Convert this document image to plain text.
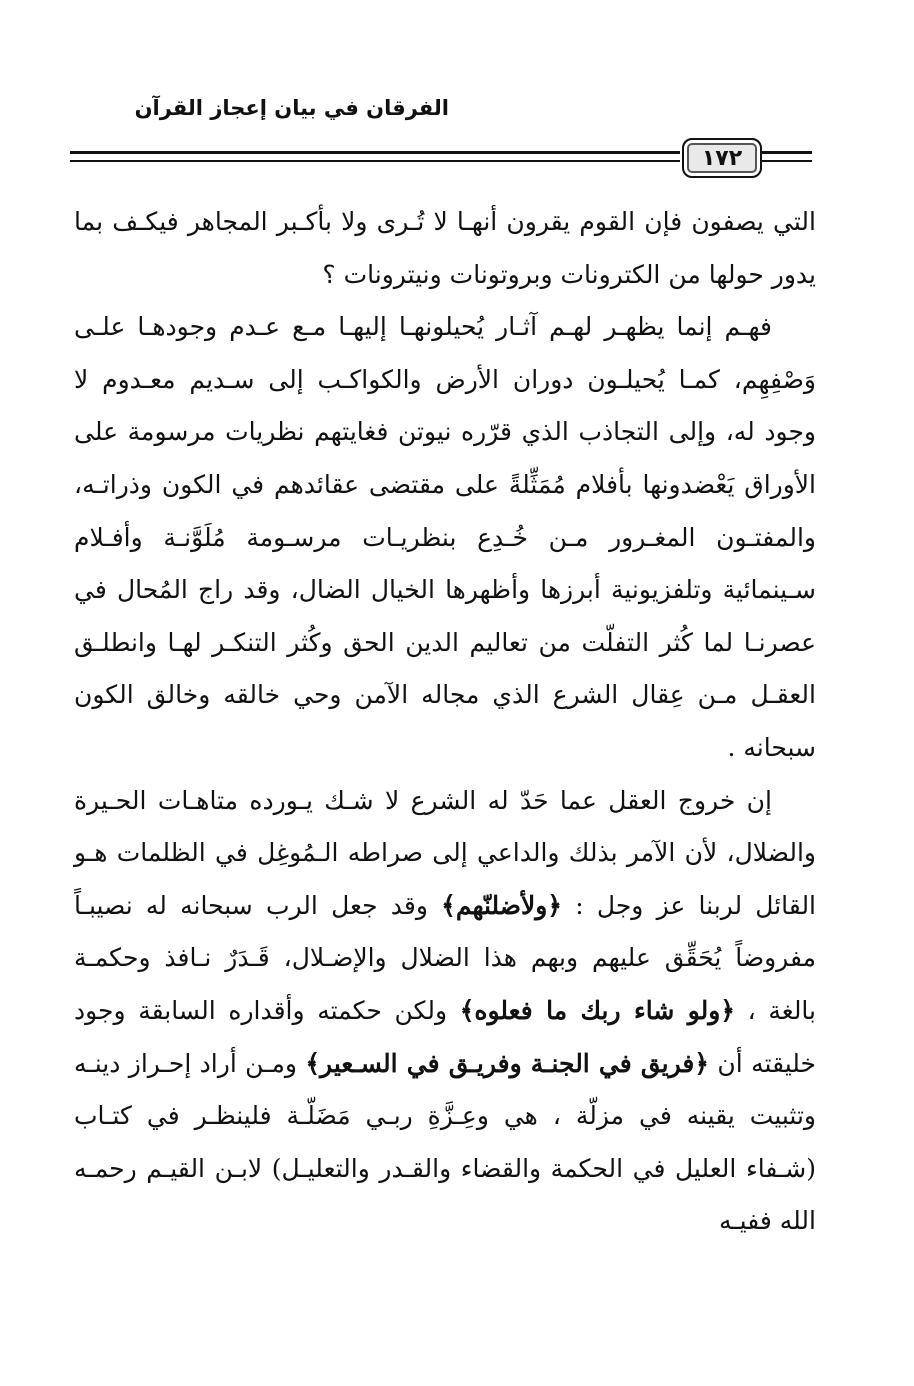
الفرقان في بيان إعجاز القرآن
١٧٢

التي يصفون فإن القوم يقرون أنهـا لا تُـرى ولا بأكـبر المجاهر فيكـف بما يدور حولها من الكترونات وبروتونات ونيترونات ؟

فهـم إنما يظهـر لهـم آثـار يُحيلونهـا إليهـا مـع عـدم وجودهـا علـى وَصْفِهِم، كمـا يُحيلـون دوران الأرض والكواكـب إلى سـديم معـدوم لا وجود له، وإلى التجاذب الذي قرّره نيوتن فغايتهم نظريات مرسومة على الأوراق يَعْضدونها بأفلام مُمَثِّلةً على مقتضى عقائدهم في الكون وذراتـه، والمفتـون المغـرور مـن خُـدِع بنظريـات مرسـومة مُلَوَّنـة وأفـلام سـينمائية وتلفزيونية أبرزها وأظهرها الخيال الضال، وقد راج المُحال في عصرنـا لما كُثر التفلّت من تعاليم الدين الحق وكُثر التنكـر لهـا وانطلـق العقـل مـن عِقال الشرع الذي مجاله الآمن وحي خالقه وخالق الكون سبحانه .

إن خروج العقل عما حَدّ له الشرع لا شـك يـورده متاهـات الحـيرة والضلال، لأن الآمر بذلك والداعي إلى صراطه الـمُوغِل في الظلمات هـو القائل لربنا عز وجل : ﴿ولأضلنّهم﴾ وقد جعل الرب سبحانه له نصيبـاً مفروضاً يُحَقِّق عليهم وبهم هذا الضلال والإضـلال، قَـدَرٌ نـافذ وحكمـة بالغة ، ﴿ولو شاء ربك ما فعلوه﴾ ولكن حكمته وأقداره السابقة وجود خليقته أن ﴿فريق في الجنـة وفريـق في السـعير﴾ ومـن أراد إحـراز دينـه وتثبيت يقينه في مزلّة ، هي وعِـزَّةِ ربـي مَضَلّـة فلينظـر في كتـاب (شـفاء العليل في الحكمة والقضاء والقـدر والتعليـل) لابـن القيـم رحمـه الله ففيـه
